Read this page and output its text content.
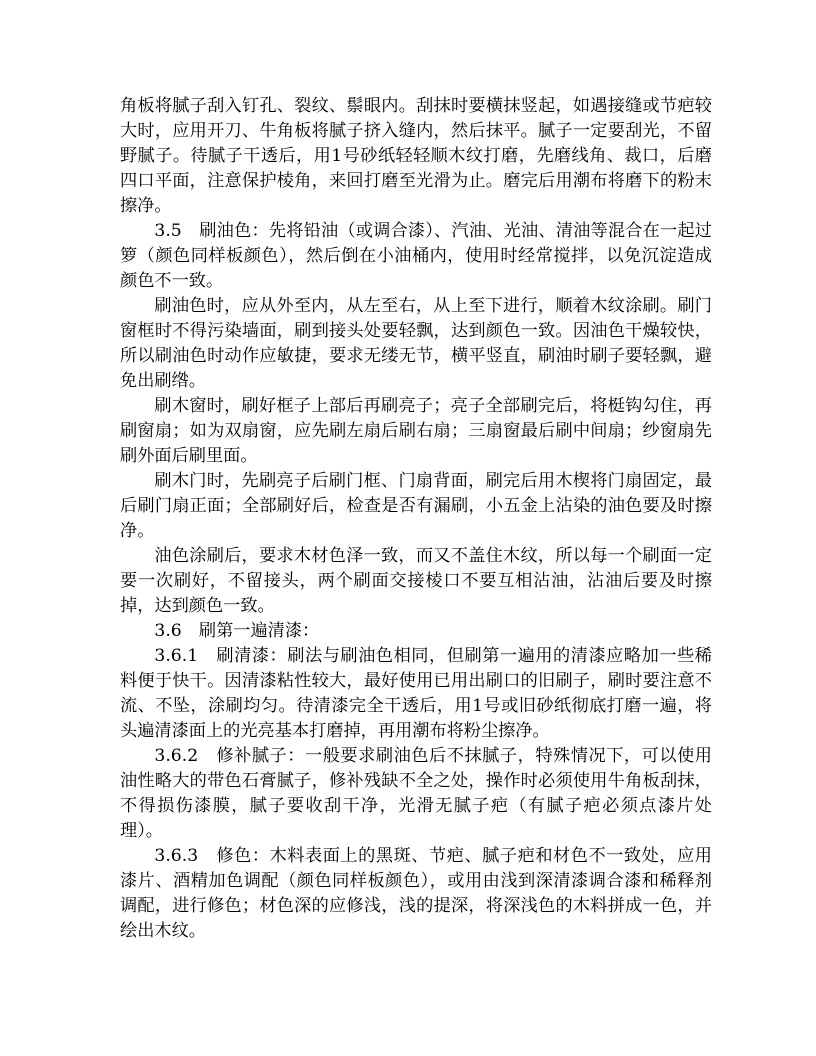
角板将腻子刮入钉孔、裂纹、鬃眼内。刮抹时要横抹竖起，如遇接缝或节疤较大时，应用开刀、牛角板将腻子挤入缝内，然后抹平。腻子一定要刮光，不留野腻子。待腻子干透后，用1号砂纸轻轻顺木纹打磨，先磨线角、裁口，后磨四口平面，注意保护棱角，来回打磨至光滑为止。磨完后用潮布将磨下的粉末擦净。

3.5　刷油色：先将铅油（或调合漆）、汽油、光油、清油等混合在一起过箩（颜色同样板颜色），然后倒在小油桶内，使用时经常搅拌，以免沉淀造成颜色不一致。

刷油色时，应从外至内，从左至右，从上至下进行，顺着木纹涂刷。刷门窗框时不得污染墙面，刷到接头处要轻飘，达到颜色一致。因油色干燥较快，所以刷油色时动作应敏捷，要求无缕无节，横平竖直，刷油时刷子要轻飘，避免出刷绺。

刷木窗时，刷好框子上部后再刷亮子；亮子全部刷完后，将梃钩勾住，再刷窗扇；如为双扇窗，应先刷左扇后刷右扇；三扇窗最后刷中间扇；纱窗扇先刷外面后刷里面。

刷木门时，先刷亮子后刷门框、门扇背面，刷完后用木楔将门扇固定，最后刷门扇正面；全部刷好后，检查是否有漏刷，小五金上沾染的油色要及时擦净。

油色涂刷后，要求木材色泽一致，而又不盖住木纹，所以每一个刷面一定要一次刷好，不留接头，两个刷面交接棱口不要互相沾油，沾油后要及时擦掉，达到颜色一致。

3.6　刷第一遍清漆：

3.6.1　刷清漆：刷法与刷油色相同，但刷第一遍用的清漆应略加一些稀料便于快干。因清漆粘性较大，最好使用已用出刷口的旧刷子，刷时要注意不流、不坠，涂刷均匀。待清漆完全干透后，用1号或旧砂纸彻底打磨一遍，将头遍清漆面上的光亮基本打磨掉，再用潮布将粉尘擦净。

3.6.2　修补腻子：一般要求刷油色后不抹腻子，特殊情况下，可以使用油性略大的带色石膏腻子，修补残缺不全之处，操作时必须使用牛角板刮抹，不得损伤漆膜，腻子要收刮干净，光滑无腻子疤（有腻子疤必须点漆片处理）。

3.6.3　修色：木料表面上的黑斑、节疤、腻子疤和材色不一致处，应用漆片、酒精加色调配（颜色同样板颜色），或用由浅到深清漆调合漆和稀释剂调配，进行修色；材色深的应修浅，浅的提深，将深浅色的木料拼成一色，并绘出木纹。
